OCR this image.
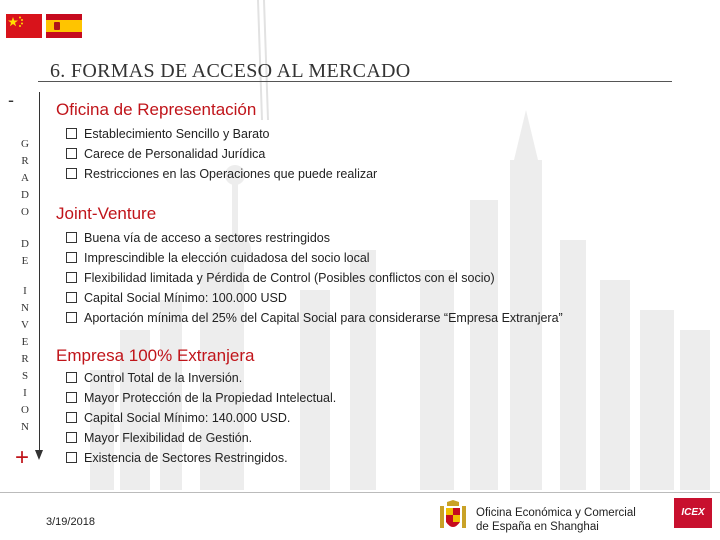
6. FORMAS DE ACCESO AL MERCADO
-
+
G
R
A
D
O
D
E
I
N
V
E
R
S
I
O
N
Oficina de Representación
Establecimiento Sencillo y Barato
Carece de Personalidad Jurídica
Restricciones en las Operaciones que puede realizar
Joint-Venture
Buena vía de acceso a sectores restringidos
Imprescindible la elección cuidadosa del socio local
Flexibilidad limitada y Pérdida de Control (Posibles conflictos con el socio)
Capital Social Mínimo: 100.000 USD
Aportación mínima del 25% del Capital Social para considerarse “Empresa Extranjera”
Empresa 100% Extranjera
Control Total de la Inversión.
Mayor Protección de la Propiedad Intelectual.
Capital Social Mínimo: 140.000 USD.
Mayor Flexibilidad de Gestión.
Existencia de Sectores Restringidos.
3/19/2018
Oficina Económica y Comercial
de España en Shanghai
ICEX
